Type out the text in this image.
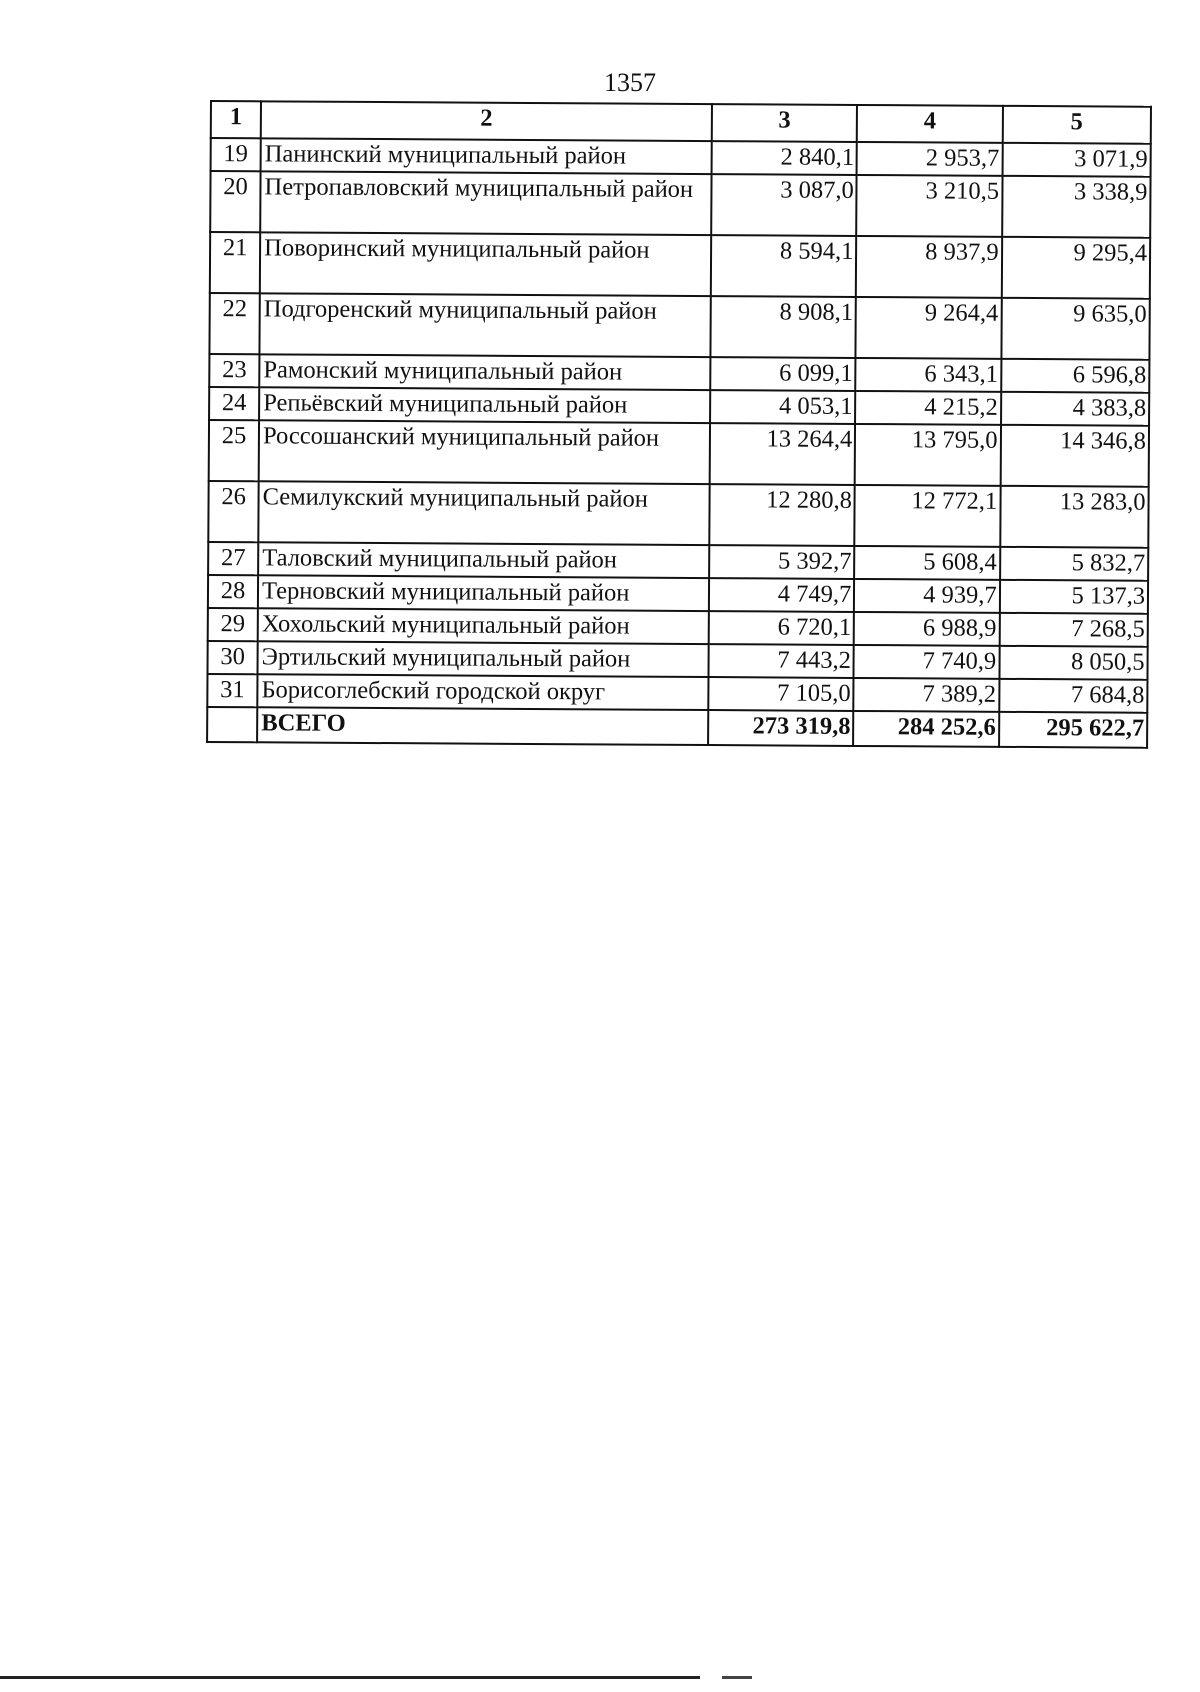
1357
1	2	3	4	5
19	Панинский муниципальный район	2 840,1	2 953,7	3 071,9
20	Петропавловский муниципальный район	3 087,0	3 210,5	3 338,9
21	Поворинский муниципальный район	8 594,1	8 937,9	9 295,4
22	Подгоренский муниципальный район	8 908,1	9 264,4	9 635,0
23	Рамонский муниципальный район	6 099,1	6 343,1	6 596,8
24	Репьёвский муниципальный район	4 053,1	4 215,2	4 383,8
25	Россошанский муниципальный район	13 264,4	13 795,0	14 346,8
26	Семилукский муниципальный район	12 280,8	12 772,1	13 283,0
27	Таловский муниципальный район	5 392,7	5 608,4	5 832,7
28	Терновский муниципальный район	4 749,7	4 939,7	5 137,3
29	Хохольский муниципальный район	6 720,1	6 988,9	7 268,5
30	Эртильский муниципальный район	7 443,2	7 740,9	8 050,5
31	Борисоглебский городской округ	7 105,0	7 389,2	7 684,8
	ВСЕГО	273 319,8	284 252,6	295 622,7
